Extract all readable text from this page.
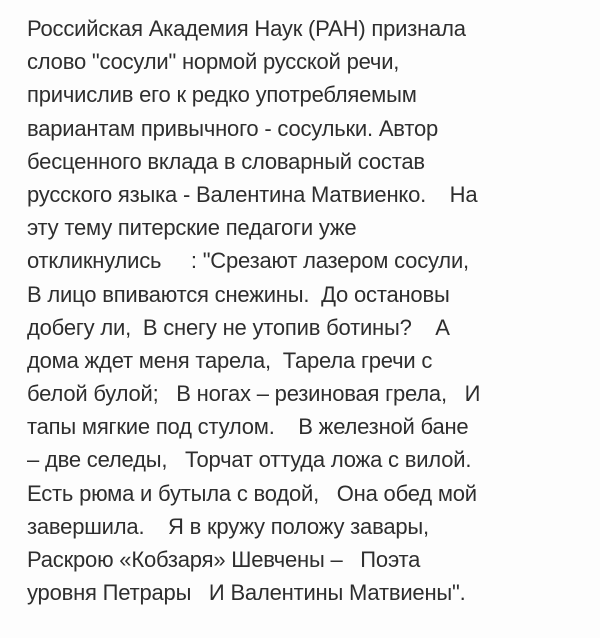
Российская Академия Наук (РАН) признала
слово "сосули" нормой русской речи,
причислив его к редко употребляемым
вариантам привычного - сосульки. Автор
бесценного вклада в словарный состав
русского языка - Валентина Матвиенко.    На
эту тему питерские педагоги уже
откликнулись     : "Срезают лазером сосули,
В лицо впиваются снежины.  До остановы
добегу ли,  В снегу не утопив ботины?    А
дома ждет меня тарела,  Тарела гречи с
белой булой;   В ногах – резиновая грела,   И
тапы мягкие под стулом.    В железной бане
– две селеды,   Торчат оттуда ложа с вилой.
Есть рюма и бутыла с водой,   Она обед мой
завершила.    Я в кружу положу завары,
Раскрою «Кобзаря» Шевчены –   Поэта
уровня Петрары   И Валентины Матвиены".
